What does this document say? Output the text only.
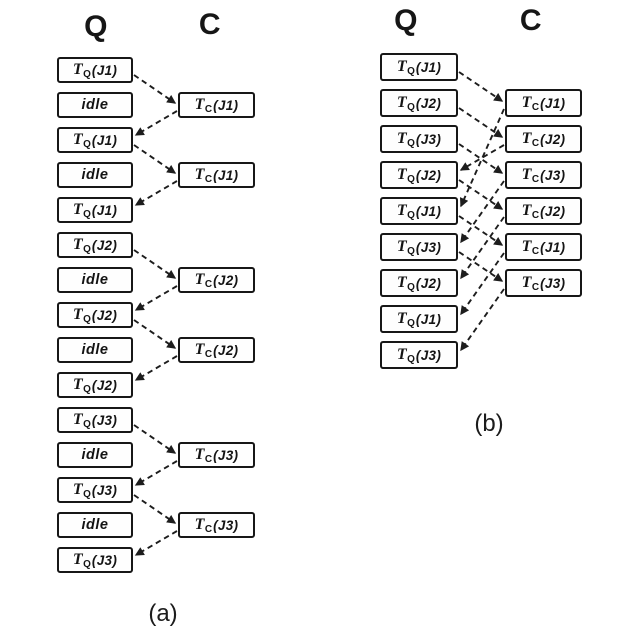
Q	C
T Q (J1)
idle
T Q (J1)
idle
T Q (J1)
T Q (J2)
idle
T Q (J2)
idle
T Q (J2)
T Q (J3)
idle
T Q (J3)
idle
T Q (J3)
T C (J1)
T C (J1)
T C (J2)
T C (J2)
T C (J3)
T C (J3)
(a)
Q	C
T Q (J1)
T Q (J2)
T Q (J3)
T Q (J2)
T Q (J1)
T Q (J3)
T Q (J2)
T Q (J1)
T Q (J3)
T C (J1)
T C (J2)
T C (J3)
T C (J2)
T C (J1)
T C (J3)
(b)
